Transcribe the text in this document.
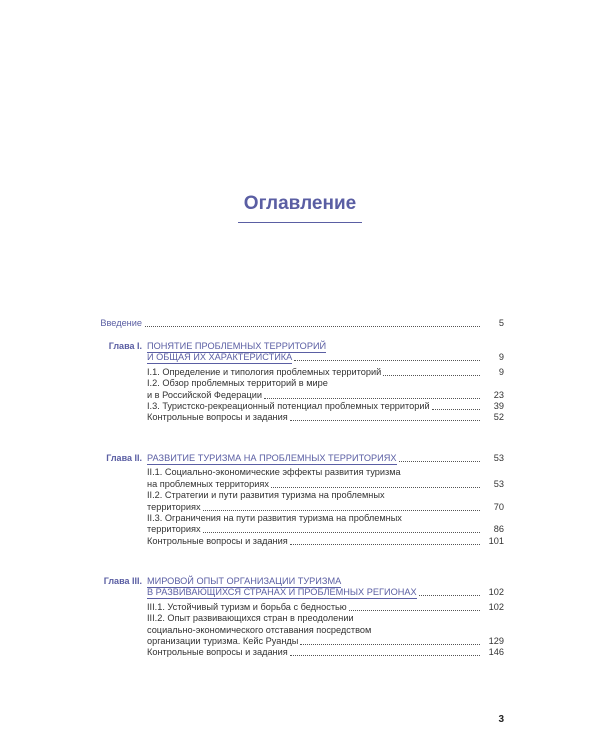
Оглавление
Введение	5
Глава I. ПОНЯТИЕ ПРОБЛЕМНЫХ ТЕРРИТОРИЙ
И ОБЩАЯ ИХ ХАРАКТЕРИСТИКА	9
I.1. Определение и типология проблемных территорий	9
I.2. Обзор проблемных территорий в мире
и в Российской Федерации	23
I.3. Туристско-рекреационный потенциал проблемных территорий	39
Контрольные вопросы и задания	52
Глава II. РАЗВИТИЕ ТУРИЗМА НА ПРОБЛЕМНЫХ ТЕРРИТОРИЯХ	53
II.1. Социально-экономические эффекты развития туризма
на проблемных территориях	53
II.2. Стратегии и пути развития туризма на проблемных
территориях	70
II.3. Ограничения на пути развития туризма на проблемных
территориях	86
Контрольные вопросы и задания	101
Глава III. МИРОВОЙ ОПЫТ ОРГАНИЗАЦИИ ТУРИЗМА
В РАЗВИВАЮЩИХСЯ СТРАНАХ И ПРОБЛЕМНЫХ РЕГИОНАХ	102
III.1. Устойчивый туризм и борьба с бедностью	102
III.2. Опыт развивающихся стран в преодолении
социально-экономического отставания посредством
организации туризма. Кейс Руанды	129
Контрольные вопросы и задания	146
3
